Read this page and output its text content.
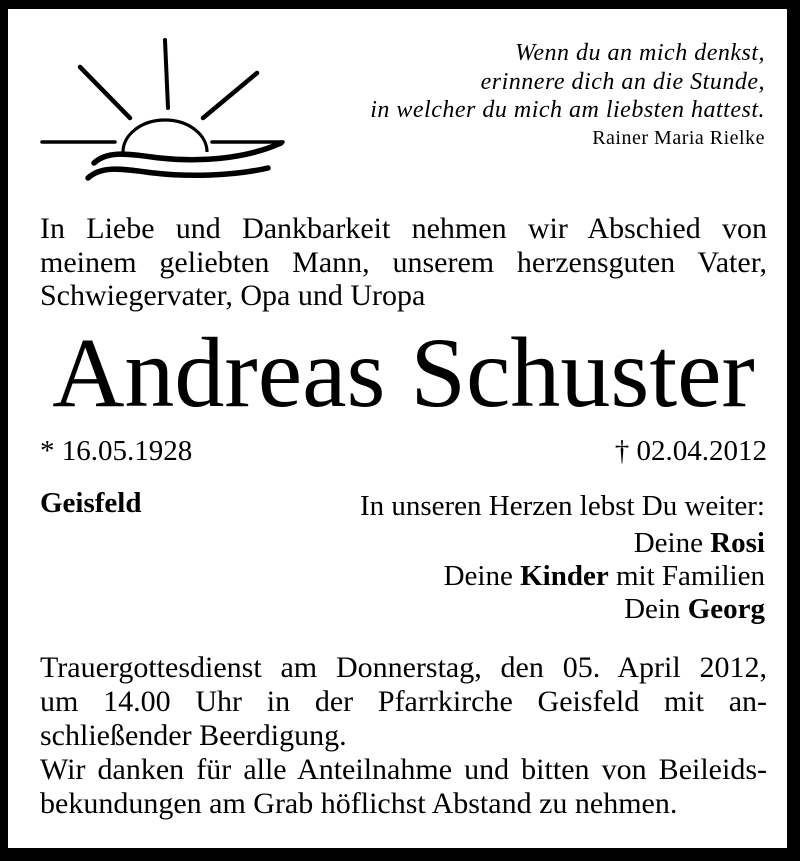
Wenn du an mich denkst,
erinnere dich an die Stunde,
in welcher du mich am liebsten hattest.
Rainer Maria Rielke
In Liebe und Dankbarkeit nehmen wir Abschied von
meinem geliebten Mann, unserem herzensguten Vater,
Schwiegervater, Opa und Uropa
Andreas Schuster
* 16.05.1928	† 02.04.2012
Geisfeld	In unseren Herzen lebst Du weiter:
Deine Rosi
Deine Kinder mit Familien
Dein Georg
Trauergottesdienst am Donnerstag, den 05. April 2012,
um 14.00 Uhr in der Pfarrkirche Geisfeld mit an-
schließender Beerdigung.
Wir danken für alle Anteilnahme und bitten von Beileids-
bekundungen am Grab höflichst Abstand zu nehmen.
